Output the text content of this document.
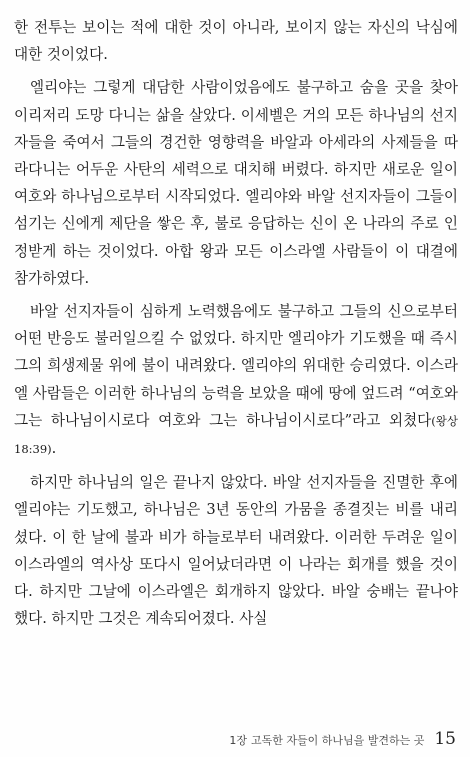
한 전투는 보이는 적에 대한 것이 아니라, 보이지 않는 자신의 낙심에 대한 것이었다.

엘리야는 그렇게 대담한 사람이었음에도 불구하고 숨을 곳을 찾아 이리저리 도망 다니는 삶을 살았다. 이세벨은 거의 모든 하나님의 선지자들을 죽여서 그들의 경건한 영향력을 바알과 아세라의 사제들을 따라다니는 어두운 사탄의 세력으로 대치해 버렸다. 하지만 새로운 일이 여호와 하나님으로부터 시작되었다. 엘리야와 바알 선지자들이 그들이 섬기는 신에게 제단을 쌓은 후, 불로 응답하는 신이 온 나라의 주로 인정받게 하는 것이었다. 아합 왕과 모든 이스라엘 사람들이 이 대결에 참가하였다.

바알 선지자들이 심하게 노력했음에도 불구하고 그들의 신으로부터 어떤 반응도 불러일으킬 수 없었다. 하지만 엘리야가 기도했을 때 즉시 그의 희생제물 위에 불이 내려왔다. 엘리야의 위대한 승리였다. 이스라엘 사람들은 이러한 하나님의 능력을 보았을 때에 땅에 엎드려 “여호와 그는 하나님이시로다 여호와 그는 하나님이시로다”라고 외쳤다(왕상 18:39).

하지만 하나님의 일은 끝나지 않았다. 바알 선지자들을 진멸한 후에 엘리야는 기도했고, 하나님은 3년 동안의 가뭄을 종결짓는 비를 내리셨다. 이 한 날에 불과 비가 하늘로부터 내려왔다. 이러한 두려운 일이 이스라엘의 역사상 또다시 일어났더라면 이 나라는 회개를 했을 것이다. 하지만 그날에 이스라엘은 회개하지 않았다. 바알 숭배는 끝나야 했다. 하지만 그것은 계속되어졌다. 사실

1장 고독한 자들이 하나님을 발견하는 곳 15
